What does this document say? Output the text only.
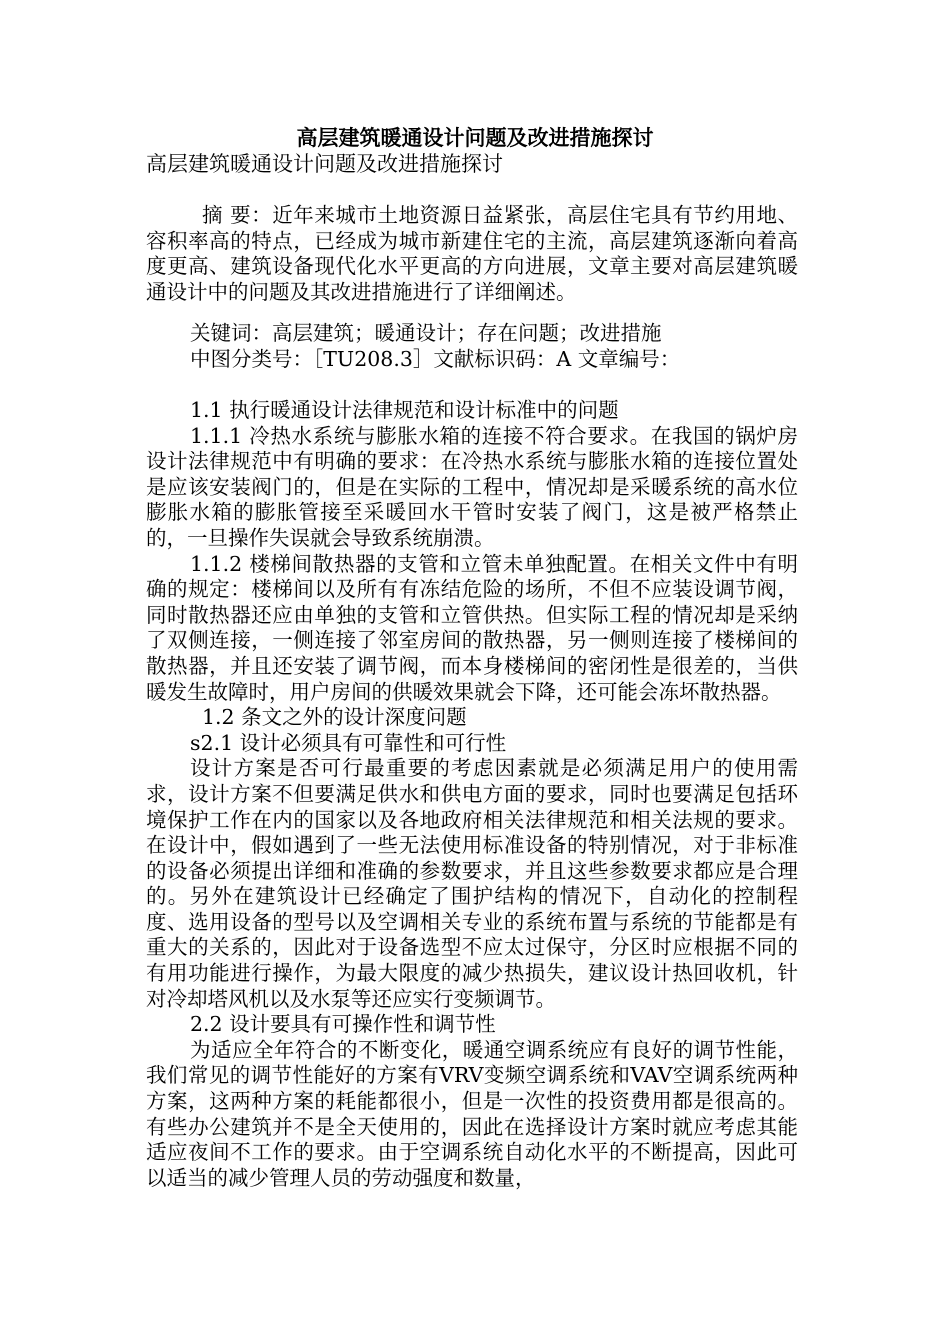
高层建筑暖通设计问题及改进措施探讨
高层建筑暖通设计问题及改进措施探讨

摘 要：近年来城市土地资源日益紧张，高层住宅具有节约用地、容积率高的特点，已经成为城市新建住宅的主流，高层建筑逐渐向着高度更高、建筑设备现代化水平更高的方向进展，文章主要对高层建筑暖通设计中的问题及其改进措施进行了详细阐述。

关键词：高层建筑；暖通设计；存在问题；改进措施

中图分类号：［TU208.3］文献标识码：A 文章编号：

1.1 执行暖通设计法律规范和设计标准中的问题

1.1.1 冷热水系统与膨胀水箱的连接不符合要求。在我国的锅炉房设计法律规范中有明确的要求：在冷热水系统与膨胀水箱的连接位置处是应该安装阀门的，但是在实际的工程中，情况却是采暖系统的高水位膨胀水箱的膨胀管接至采暖回水干管时安装了阀门，这是被严格禁止的，一旦操作失误就会导致系统崩溃。

1.1.2 楼梯间散热器的支管和立管未单独配置。在相关文件中有明确的规定：楼梯间以及所有有冻结危险的场所，不但不应装设调节阀，同时散热器还应由单独的支管和立管供热。但实际工程的情况却是采纳了双侧连接，一侧连接了邻室房间的散热器，另一侧则连接了楼梯间的散热器，并且还安装了调节阀，而本身楼梯间的密闭性是很差的，当供暖发生故障时，用户房间的供暖效果就会下降，还可能会冻坏散热器。

1.2 条文之外的设计深度问题

s2.1 设计必须具有可靠性和可行性

设计方案是否可行最重要的考虑因素就是必须满足用户的使用需求，设计方案不但要满足供水和供电方面的要求，同时也要满足包括环境保护工作在内的国家以及各地政府相关法律规范和相关法规的要求。在设计中，假如遇到了一些无法使用标准设备的特别情况，对于非标准的设备必须提出详细和准确的参数要求，并且这些参数要求都应是合理的。另外在建筑设计已经确定了围护结构的情况下，自动化的控制程度、选用设备的型号以及空调相关专业的系统布置与系统的节能都是有重大的关系的，因此对于设备选型不应太过保守，分区时应根据不同的有用功能进行操作，为最大限度的减少热损失，建议设计热回收机，针对冷却塔风机以及水泵等还应实行变频调节。

2.2 设计要具有可操作性和调节性

为适应全年符合的不断变化，暖通空调系统应有良好的调节性能，我们常见的调节性能好的方案有VRV变频空调系统和VAV空调系统两种方案，这两种方案的耗能都很小，但是一次性的投资费用都是很高的。有些办公建筑并不是全天使用的，因此在选择设计方案时就应考虑其能适应夜间不工作的要求。由于空调系统自动化水平的不断提高，因此可以适当的减少管理人员的劳动强度和数量，
